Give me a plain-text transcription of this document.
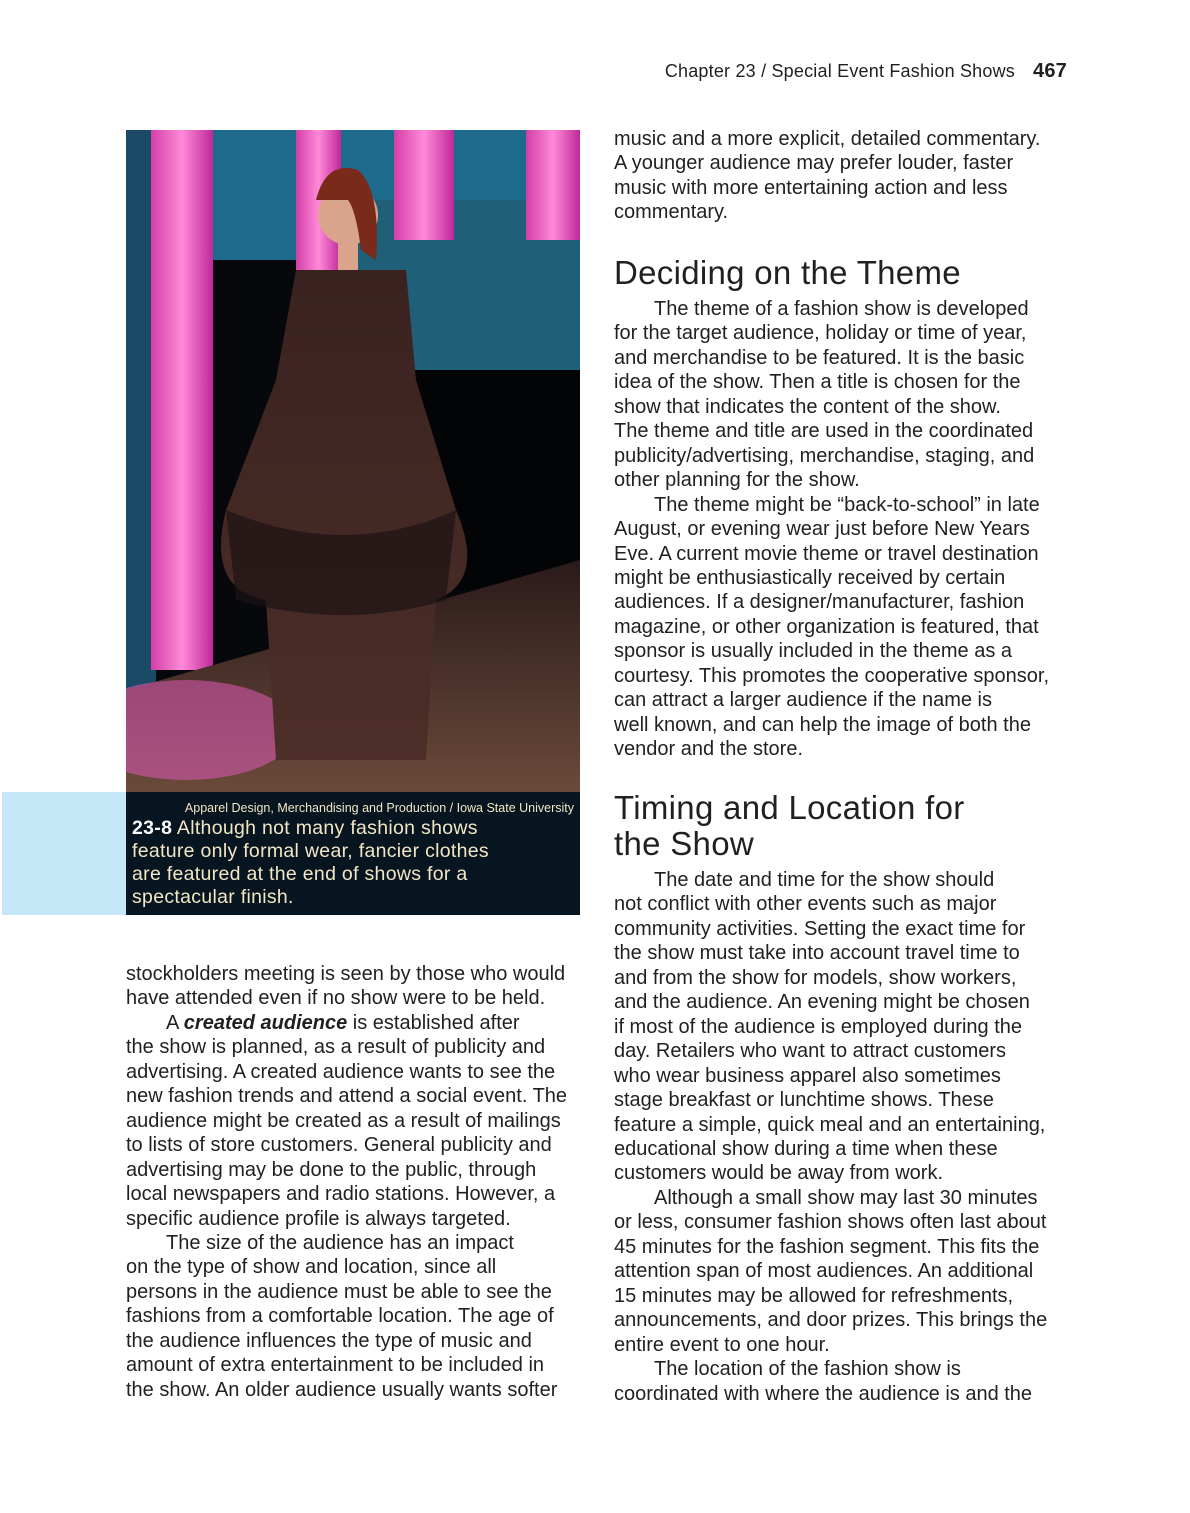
Chapter 23 / Special Event Fashion Shows 467
Apparel Design, Merchandising and Production / Iowa State University
23-8 Although not many fashion shows
feature only formal wear, fancier clothes
are featured at the end of shows for a
spectacular finish.
stockholders meeting is seen by those who would
have attended even if no show were to be held.
A created audience is established after
the show is planned, as a result of publicity and
advertising. A created audience wants to see the
new fashion trends and attend a social event. The
audience might be created as a result of mailings
to lists of store customers. General publicity and
advertising may be done to the public, through
local newspapers and radio stations. However, a
specific audience profile is always targeted.
The size of the audience has an impact
on the type of show and location, since all
persons in the audience must be able to see the
fashions from a comfortable location. The age of
the audience influences the type of music and
amount of extra entertainment to be included in
the show. An older audience usually wants softer
music and a more explicit, detailed commentary.
A younger audience may prefer louder, faster
music with more entertaining action and less
commentary.
Deciding on the Theme
The theme of a fashion show is developed
for the target audience, holiday or time of year,
and merchandise to be featured. It is the basic
idea of the show. Then a title is chosen for the
show that indicates the content of the show.
The theme and title are used in the coordinated
publicity/advertising, merchandise, staging, and
other planning for the show.
The theme might be “back-to-school” in late
August, or evening wear just before New Years
Eve. A current movie theme or travel destination
might be enthusiastically received by certain
audiences. If a designer/manufacturer, fashion
magazine, or other organization is featured, that
sponsor is usually included in the theme as a
courtesy. This promotes the cooperative sponsor,
can attract a larger audience if the name is
well known, and can help the image of both the
vendor and the store.
Timing and Location for
the Show
The date and time for the show should
not conflict with other events such as major
community activities. Setting the exact time for
the show must take into account travel time to
and from the show for models, show workers,
and the audience. An evening might be chosen
if most of the audience is employed during the
day. Retailers who want to attract customers
who wear business apparel also sometimes
stage breakfast or lunchtime shows. These
feature a simple, quick meal and an entertaining,
educational show during a time when these
customers would be away from work.
Although a small show may last 30 minutes
or less, consumer fashion shows often last about
45 minutes for the fashion segment. This fits the
attention span of most audiences. An additional
15 minutes may be allowed for refreshments,
announcements, and door prizes. This brings the
entire event to one hour.
The location of the fashion show is
coordinated with where the audience is and the
